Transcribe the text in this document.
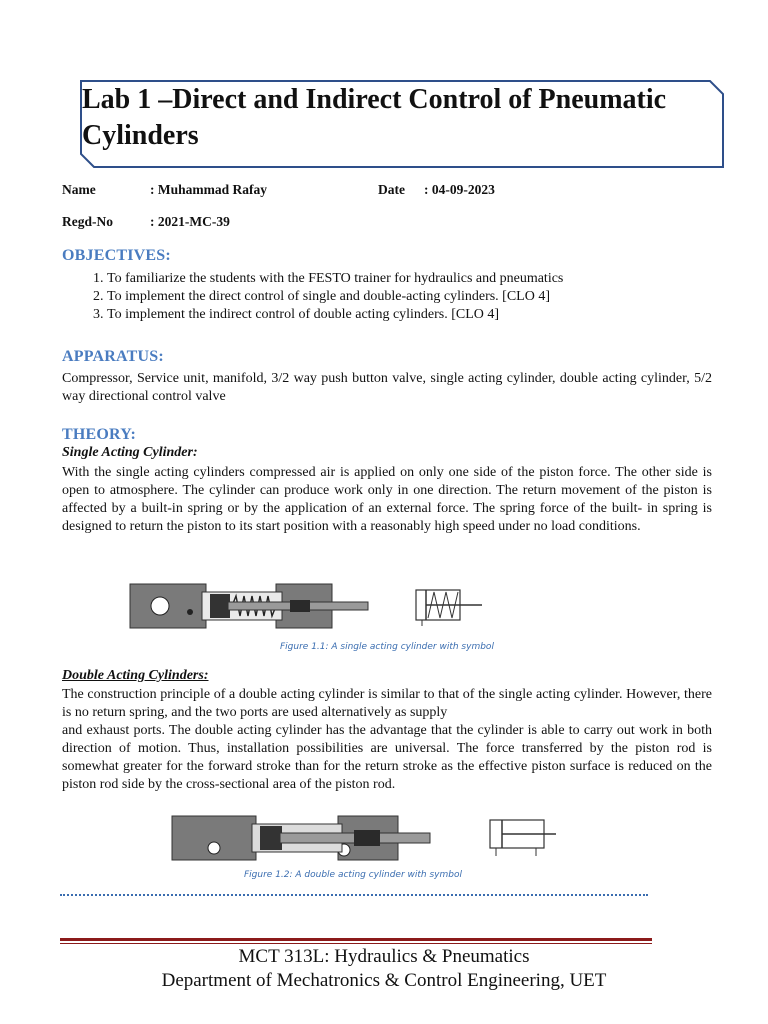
Lab 1 –Direct and Indirect Control of Pneumatic Cylinders
Name	: Muhammad Rafay	Date : 04-09-2023
Regd-No	: 2021-MC-39
OBJECTIVES:
1. To familiarize the students with the FESTO trainer for hydraulics and pneumatics
2. To implement the direct control of single and double-acting cylinders. [CLO 4]
3. To implement the indirect control of double acting cylinders. [CLO 4]
APPARATUS:

Compressor, Service unit, manifold, 3/2 way push button valve, single acting cylinder, double acting cylinder, 5/2 way directional control valve

THEORY:

Single Acting Cylinder:

With the single acting cylinders compressed air is applied on only one side of the piston force. The other side is open to atmosphere. The cylinder can produce work only in one direction. The return movement of the piston is affected by a built-in spring or by the application of an external force. The spring force of the built- in spring is designed to return the piston to its start position with a reasonably high speed under no load conditions.

Figure 1.1: A single acting cylinder with symbol

Double Acting Cylinders:

The construction principle of a double acting cylinder is similar to that of the single acting cylinder. However, there is no return spring, and the two ports are used alternatively as supply

and exhaust ports. The double acting cylinder has the advantage that the cylinder is able to carry out work in both direction of motion. Thus, installation possibilities are universal. The force transferred by the piston rod is somewhat greater for the forward stroke than for the return stroke as the effective piston surface is reduced on the piston rod side by the cross-sectional area of the piston rod.

Figure 1.2: A double acting cylinder with symbol
MCT 313L: Hydraulics & Pneumatics
Department of Mechatronics & Control Engineering, UET
